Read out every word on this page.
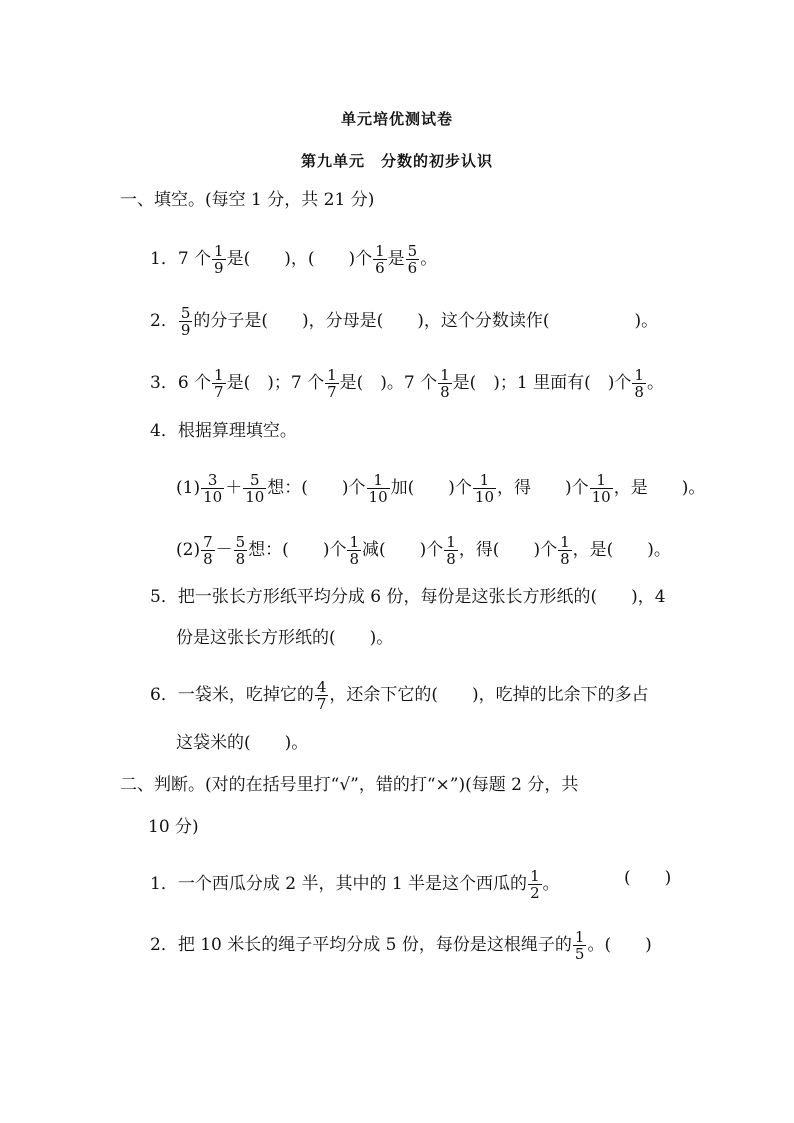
单元培优测试卷
第九单元　分数的初步认识
一、填空。(每空 1 分，共 21 分)
1．7 个 $\frac{1}{9}$ 是(　　)，(　　)个 $\frac{1}{6}$ 是 $\frac{5}{6}$ 。
2． $\frac{5}{9}$ 的分子是(　　)，分母是(　　)，这个分数读作(　　　　　)。
3．6 个 $\frac{1}{7}$ 是(　)；7 个 $\frac{1}{7}$ 是(　)。7 个 $\frac{1}{8}$ 是(　)；1 里面有(　)个 $\frac{1}{8}$ 。
4．根据算理填空。
$(1) \frac{3}{10} + \frac{5}{10}$ 想：(　　)个 $\frac{1}{10}$ 加(　　)个 $\frac{1}{10}$ ，得　　)个 $\frac{1}{10}$ ，是　　)。
$(2) \frac{7}{8} - \frac{5}{8}$ 想：(　　)个 $\frac{1}{8}$ 减(　　)个 $\frac{1}{8}$ ，得(　　)个 $\frac{1}{8}$ ，是(　　)。
5．把一张长方形纸平均分成 6 份，每份是这张长方形纸的(　　)，4
份是这张长方形纸的(　　)。
6．一袋米，吃掉它的 $\frac{4}{7}$ ，还余下它的(　　)，吃掉的比余下的多占
这袋米的(　　)。
二、判断。(对的在括号里打“√”，错的打“×”)(每题 2 分，共
10 分)
1．一个西瓜分成 2 半，其中的 1 半是这个西瓜的 $\frac{1}{2}$ 。	(　　)
2．把 10 米长的绳子平均分成 5 份，每份是这根绳子的 $\frac{1}{5}$ 。(　　)
